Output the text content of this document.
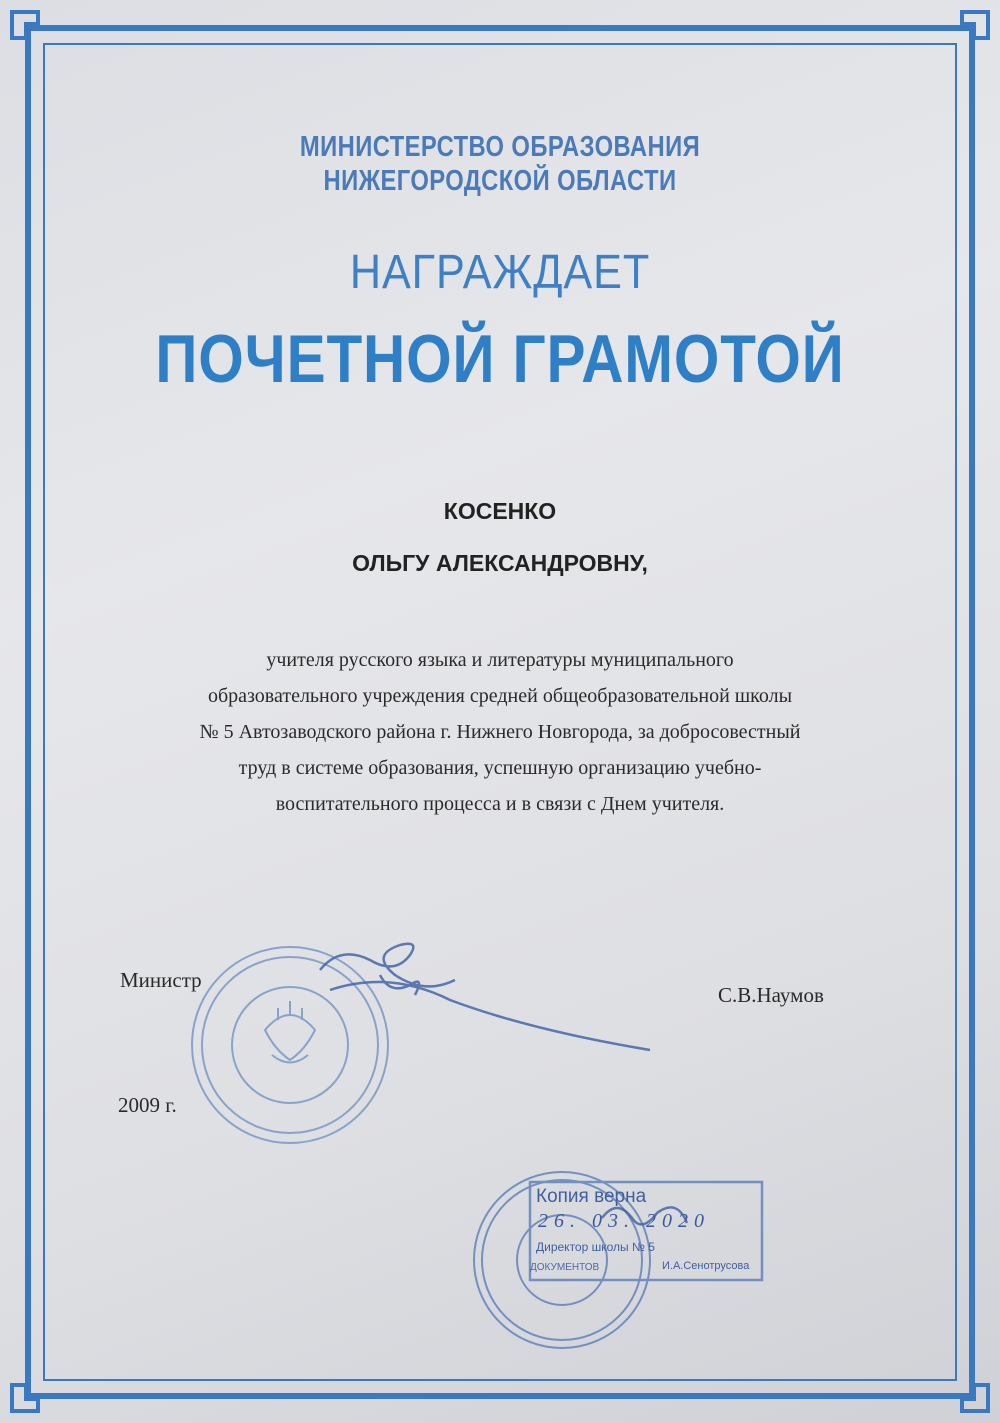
МИНИСТЕРСТВО ОБРАЗОВАНИЯ
НИЖЕГОРОДСКОЙ ОБЛАСТИ
НАГРАЖДАЕТ
ПОЧЕТНОЙ ГРАМОТОЙ
КОСЕНКО
ОЛЬГУ АЛЕКСАНДРОВНУ,
учителя русского языка и литературы муниципального
образовательного учреждения средней общеобразовательной школы
№ 5 Автозаводского района г. Нижнего Новгорода, за добросовестный
труд в системе образования, успешную организацию учебно-
воспитательного процесса и в связи с Днем учителя.
Министр
С.В.Наумов
2009 г.
Копия верна
26. 03. 2020
Директор школы № 5
И.А.Сенотрусова
ДОКУМЕНТОВ
